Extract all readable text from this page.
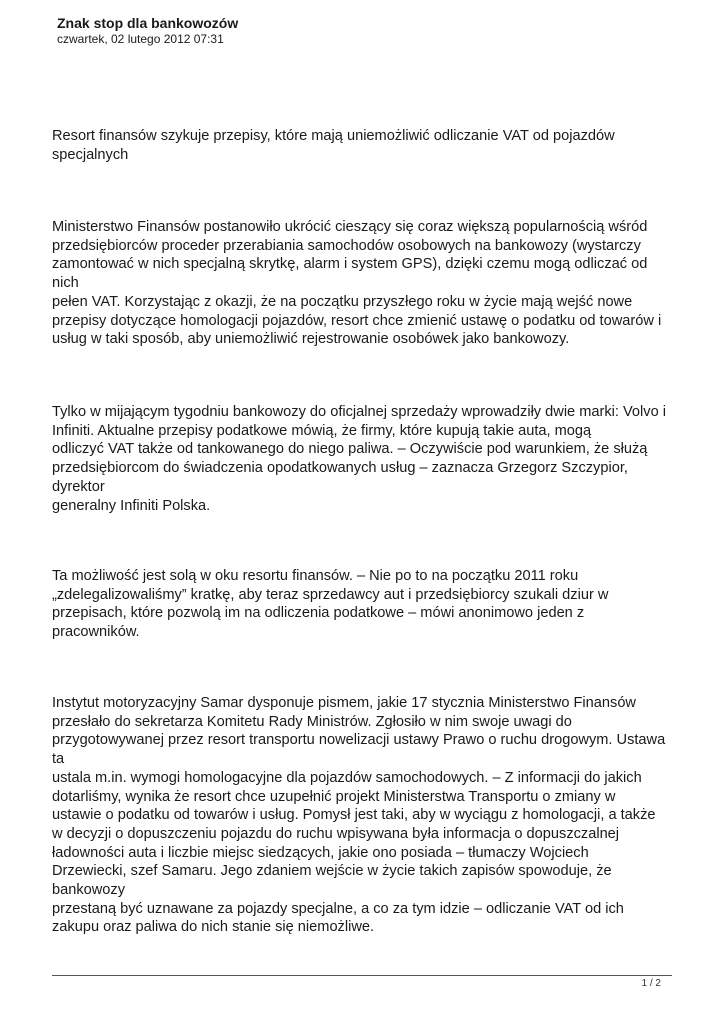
Znak stop dla bankowozów
czwartek, 02 lutego 2012 07:31

Resort finansów szykuje przepisy, które mają uniemożliwić odliczanie VAT od pojazdów
specjalnych

Ministerstwo Finansów postanowiło ukrócić cieszący się coraz większą popularnością wśród
przedsiębiorców proceder przerabiania samochodów osobowych na bankowozy (wystarczy
zamontować w nich specjalną skrytkę, alarm i system GPS), dzięki czemu mogą odliczać od
nich
pełen VAT. Korzystając z okazji, że na początku przyszłego roku w życie mają wejść nowe
przepisy dotyczące homologacji pojazdów, resort chce zmienić ustawę o podatku od towarów i
usług w taki sposób, aby uniemożliwić rejestrowanie osobówek jako bankowozy.

Tylko w mijającym tygodniu bankowozy do oficjalnej sprzedaży wprowadziły dwie marki: Volvo i
Infiniti. Aktualne przepisy podatkowe mówią, że firmy, które kupują takie auta, mogą
odliczyć VAT także od tankowanego do niego paliwa. – Oczywiście pod warunkiem, że służą
przedsiębiorcom do świadczenia opodatkowanych usług – zaznacza Grzegorz Szczypior,
dyrektor
generalny Infiniti Polska.

Ta możliwość jest solą w oku resortu finansów. – Nie po to na początku 2011 roku
„zdelegalizowaliśmy” kratkę, aby teraz sprzedawcy aut i przedsiębiorcy szukali dziur w
przepisach, które pozwolą im na odliczenia podatkowe – mówi anonimowo jeden z
pracowników.

Instytut motoryzacyjny Samar dysponuje pismem, jakie 17 stycznia Ministerstwo Finansów
przesłało do sekretarza Komitetu Rady Ministrów. Zgłosiło w nim swoje uwagi do
przygotowywanej przez resort transportu nowelizacji ustawy Prawo o ruchu drogowym. Ustawa
ta
ustala m.in. wymogi homologacyjne dla pojazdów samochodowych. – Z informacji do jakich
dotarliśmy, wynika że resort chce uzupełnić projekt Ministerstwa Transportu o zmiany w
ustawie o podatku od towarów i usług. Pomysł jest taki, aby w wyciągu z homologacji, a także
w decyzji o dopuszczeniu pojazdu do ruchu wpisywana była informacja o dopuszczalnej
ładowności auta i liczbie miejsc siedzących, jakie ono posiada – tłumaczy Wojciech
Drzewiecki, szef Samaru. Jego zdaniem wejście w życie takich zapisów spowoduje, że
bankowozy
przestaną być uznawane za pojazdy specjalne, a co za tym idzie – odliczanie VAT od ich
zakupu oraz paliwa do nich stanie się niemożliwe.

1 / 2
